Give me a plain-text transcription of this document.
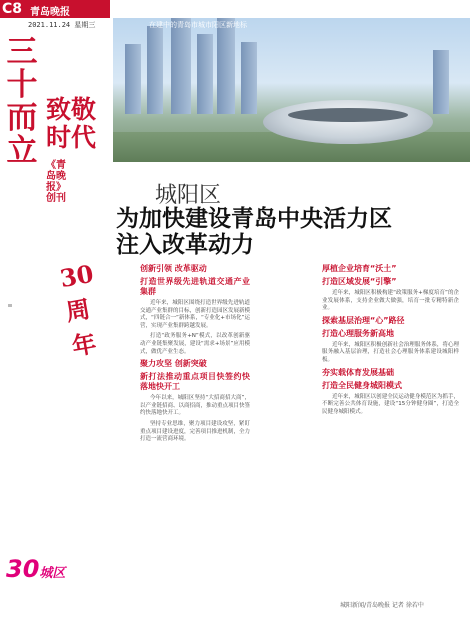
C8 青岛晚报
2021.11.24 星期三
三
十
而
立
致敬时代
《青岛晚报》创刊
30周年
30城区
在建中的青岛市城市阳区新地标
城阳区
为加快建设青岛中央活力区
注入改革动力
创新引领 改革驱动
打造世界级先进轨道交通产业集群

近年来，城阳区围绕打造世界级先进轨道交通产业集群的目标，创新打造园区发展新模式，“四链合一”新体系，“专业化+市场化”运营，实现产业集群跨越发展。

打造“政务服务+N”模式，以改革创新驱动产业链集聚发展，建设“需求+场景”应用模式，做优产业生态。

聚力攻坚 创新突破
新打法推动重点项目快签约快落地快开工

今年以来，城阳区坚持“大招商招大商”，以产业链招商、以商招商，推动重点项目快签约快落地快开工。

坚持专业思维，聚力项目建设攻坚，紧盯重点项目建设进度，完善项目推进机制，全力打造一流营商环境。

厚植企业培育“沃土”
打造区域发展“引擎”

近年来，城阳区积极构建“政策服务+梯度培育”的企业发展体系，支持企业做大做强，培育一批专精特新企业。

探索基层治理“心”路径
打造心理服务新高地

近年来，城阳区积极创新社会治理服务体系，将心理服务融入基层治理，打造社会心理服务体系建设城阳样板。

夯实载体育发展基础
打造全民健身城阳模式

近年来，城阳区以创建全民运动健身模范区为抓手，不断完善公共体育设施，建设“15分钟健身圈”，打造全民健身城阳模式。

城阳新闻/青岛晚报 记者 徐若中
